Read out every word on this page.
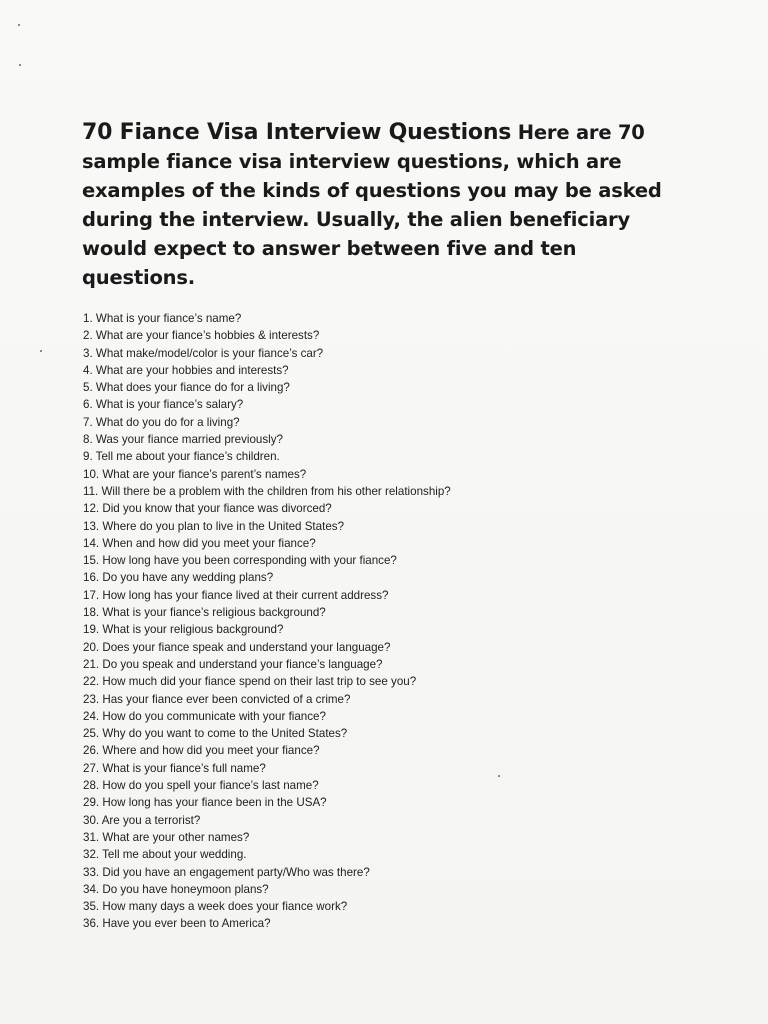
70 Fiance Visa Interview Questions Here are 70 sample fiance visa interview questions, which are examples of the kinds of questions you may be asked during the interview. Usually, the alien beneficiary would expect to answer between five and ten questions.

1. What is your fiance’s name?
2. What are your fiance’s hobbies & interests?
3. What make/model/color is your fiance’s car?
4. What are your hobbies and interests?
5. What does your fiance do for a living?
6. What is your fiance’s salary?
7. What do you do for a living?
8. Was your fiance married previously?
9. Tell me about your fiance’s children.
10. What are your fiance’s parent’s names?
11. Will there be a problem with the children from his other relationship?
12. Did you know that your fiance was divorced?
13. Where do you plan to live in the United States?
14. When and how did you meet your fiance?
15. How long have you been corresponding with your fiance?
16. Do you have any wedding plans?
17. How long has your fiance lived at their current address?
18. What is your fiance’s religious background?
19. What is your religious background?
20. Does your fiance speak and understand your language?
21. Do you speak and understand your fiance’s language?
22. How much did your fiance spend on their last trip to see you?
23. Has your fiance ever been convicted of a crime?
24. How do you communicate with your fiance?
25. Why do you want to come to the United States?
26. Where and how did you meet your fiance?
27. What is your fiance’s full name?
28. How do you spell your fiance’s last name?
29. How long has your fiance been in the USA?
30. Are you a terrorist?
31. What are your other names?
32. Tell me about your wedding.
33. Did you have an engagement party/Who was there?
34. Do you have honeymoon plans?
35. How many days a week does your fiance work?
36. Have you ever been to America?
